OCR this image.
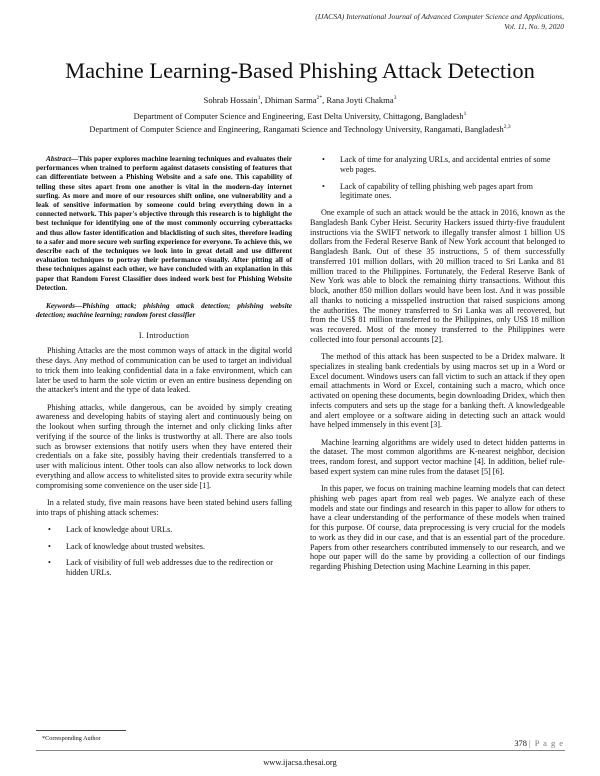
(IJACSA) International Journal of Advanced Computer Science and Applications,
Vol. 11, No. 9, 2020
Machine Learning-Based Phishing Attack Detection
Sohrab Hossain$^1$, Dhiman Sarma$^{2*}$, Rana Joyti Chakma$^3$
Department of Computer Science and Engineering, East Delta University, Chittagong, Bangladesh$^1$
Department of Computer Science and Engineering, Rangamati Science and Technology University, Rangamati, Bangladesh$^{2,3}$

Abstract—This paper explores machine learning techniques and evaluates their performances when trained to perform against datasets consisting of features that can differentiate between a Phishing Website and a safe one. This capability of telling these sites apart from one another is vital in the modern-day internet surfing. As more and more of our resources shift online, one vulnerability and a leak of sensitive information by someone could bring everything down in a connected network. This paper's objective through this research is to highlight the best technique for identifying one of the most commonly occurring cyberattacks and thus allow faster identification and blacklisting of such sites, therefore leading to a safer and more secure web surfing experience for everyone. To achieve this, we describe each of the techniques we look into in great detail and use different evaluation techniques to portray their performance visually. After pitting all of these techniques against each other, we have concluded with an explanation in this paper that Random Forest Classifier does indeed work best for Phishing Website Detection.

Keywords—Phishing attack; phishing attack detection; phishing website detection; machine learning; random forest classifier

I. Introduction

Phishing Attacks are the most common ways of attack in the digital world these days. Any method of communication can be used to target an individual to trick them into leaking confidential data in a fake environment, which can later be used to harm the sole victim or even an entire business depending on the attacker's intent and the type of data leaked.

Phishing attacks, while dangerous, can be avoided by simply creating awareness and developing habits of staying alert and continuously being on the lookout when surfing through the internet and only clicking links after verifying if the source of the links is trustworthy at all. There are also tools such as browser extensions that notify users when they have entered their credentials on a fake site, possibly having their credentials transferred to a user with malicious intent. Other tools can also allow networks to lock down everything and allow access to whitelisted sites to provide extra security while compromising some convenience on the user side [1].

In a related study, five main reasons have been stated behind users falling into traps of phishing attack schemes:

• Lack of knowledge about URLs.
• Lack of knowledge about trusted websites.
• Lack of visibility of full web addresses due to the redirection or hidden URLs.
• Lack of time for analyzing URLs, and accidental entries of some web pages.
• Lack of capability of telling phishing web pages apart from legitimate ones.

One example of such an attack would be the attack in 2016, known as the Bangladesh Bank Cyber Heist. Security Hackers issued thirty-five fraudulent instructions via the SWIFT network to illegally transfer almost 1 billion US dollars from the Federal Reserve Bank of New York account that belonged to Bangladesh Bank. Out of these 35 instructions, 5 of them successfully transferred 101 million dollars, with 20 million traced to Sri Lanka and 81 million traced to the Philippines. Fortunately, the Federal Reserve Bank of New York was able to block the remaining thirty transactions. Without this block, another 850 million dollars would have been lost. And it was possible all thanks to noticing a misspelled instruction that raised suspicions among the authorities. The money transferred to Sri Lanka was all recovered, but from the US$ 81 million transferred to the Philippines, only US$ 18 million was recovered. Most of the money transferred to the Philippines were collected into four personal accounts [2].

The method of this attack has been suspected to be a Dridex malware. It specializes in stealing bank credentials by using macros set up in a Word or Excel document. Windows users can fall victim to such an attack if they open email attachments in Word or Excel, containing such a macro, which once activated on opening these documents, begin downloading Dridex, which then infects computers and sets up the stage for a banking theft. A knowledgeable and alert employee or a software aiding in detecting such an attack would have helped immensely in this event [3].

Machine learning algorithms are widely used to detect hidden patterns in the dataset. The most common algorithms are K-nearest neighbor, decision trees, random forest, and support vector machine [4]. In addition, belief rule-based expert system can mine rules from the dataset [5] [6].

In this paper, we focus on training machine learning models that can detect phishing web pages apart from real web pages. We analyze each of these models and state our findings and research in this paper to allow for others to have a clear understanding of the performance of these models when trained for this purpose. Of course, data preprocessing is very crucial for the models to work as they did in our case, and that is an essential part of the procedure. Papers from other researchers contributed immensely to our research, and we hope our paper will do the same by providing a collection of our findings regarding Phishing Detection using Machine Learning in this paper.

*Corresponding Author
378 | P a g e
www.ijacsa.thesai.org
